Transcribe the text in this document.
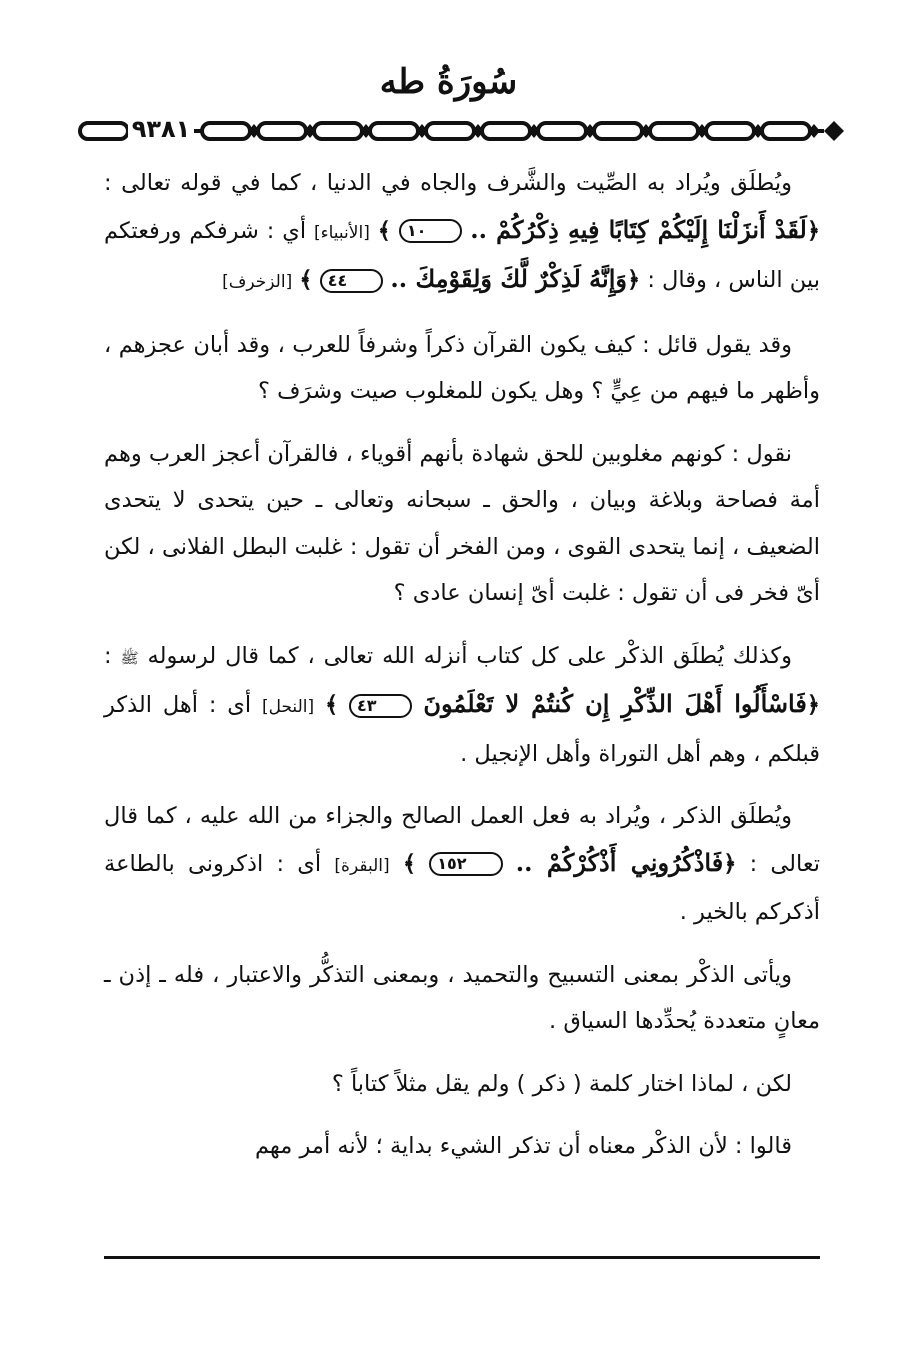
سُورَةُ طه
٩٣٨١

ويُطلَق ويُراد به الصِّيت والشَّرف والجاه في الدنيا ، كما في قوله تعالى : ﴿لَقَدْ أَنزَلْنَا إِلَيْكُمْ كِتَابًا فِيهِ ذِكْرُكُمْ .. ١٠ ﴾ [الأنبياء] أي : شرفكم ورفعتكم بين الناس ، وقال : ﴿وَإِنَّهُ لَذِكْرٌ لَّكَ وَلِقَوْمِكَ .. ٤٤ ﴾ [الزخرف]

وقد يقول قائل : كيف يكون القرآن ذكراً وشرفاً للعرب ، وقد أبان عجزهم ، وأظهر ما فيهم من عِيٍّ ؟ وهل يكون للمغلوب صيت وشرَف ؟

نقول : كونهم مغلوبين للحق شهادة بأنهم أقوياء ، فالقرآن أعجز العرب وهم أمة فصاحة وبلاغة وبيان ، والحق ـ سبحانه وتعالى ـ حين يتحدى لا يتحدى الضعيف ، إنما يتحدى القوى ، ومن الفخر أن تقول : غلبت البطل الفلانى ، لكن أىّ فخر فى أن تقول : غلبت أىّ إنسان عادى ؟

وكذلك يُطلَق الذكْر على كل كتاب أنزله الله تعالى ، كما قال لرسوله ﷺ : ﴿فَاسْأَلُوا أَهْلَ الذِّكْرِ إِن كُنتُمْ لا تَعْلَمُونَ ٤٣ ﴾ [النحل] أى : أهل الذكر قبلكم ، وهم أهل التوراة وأهل الإنجيل .

ويُطلَق الذكر ، ويُراد به فعل العمل الصالح والجزاء من الله عليه ، كما قال تعالى : ﴿فَاذْكُرُونِي أَذْكُرْكُمْ .. ١٥٢ ﴾ [البقرة] أى : اذكرونى بالطاعة أذكركم بالخير .

ويأتى الذكْر بمعنى التسبيح والتحميد ، وبمعنى التذكُّر والاعتبار ، فله ـ إذن ـ معانٍ متعددة يُحدِّدها السياق .

لكن ، لماذا اختار كلمة ( ذكر ) ولم يقل مثلاً كتاباً ؟

قالوا : لأن الذكْر معناه أن تذكر الشيء بداية ؛ لأنه أمر مهم
